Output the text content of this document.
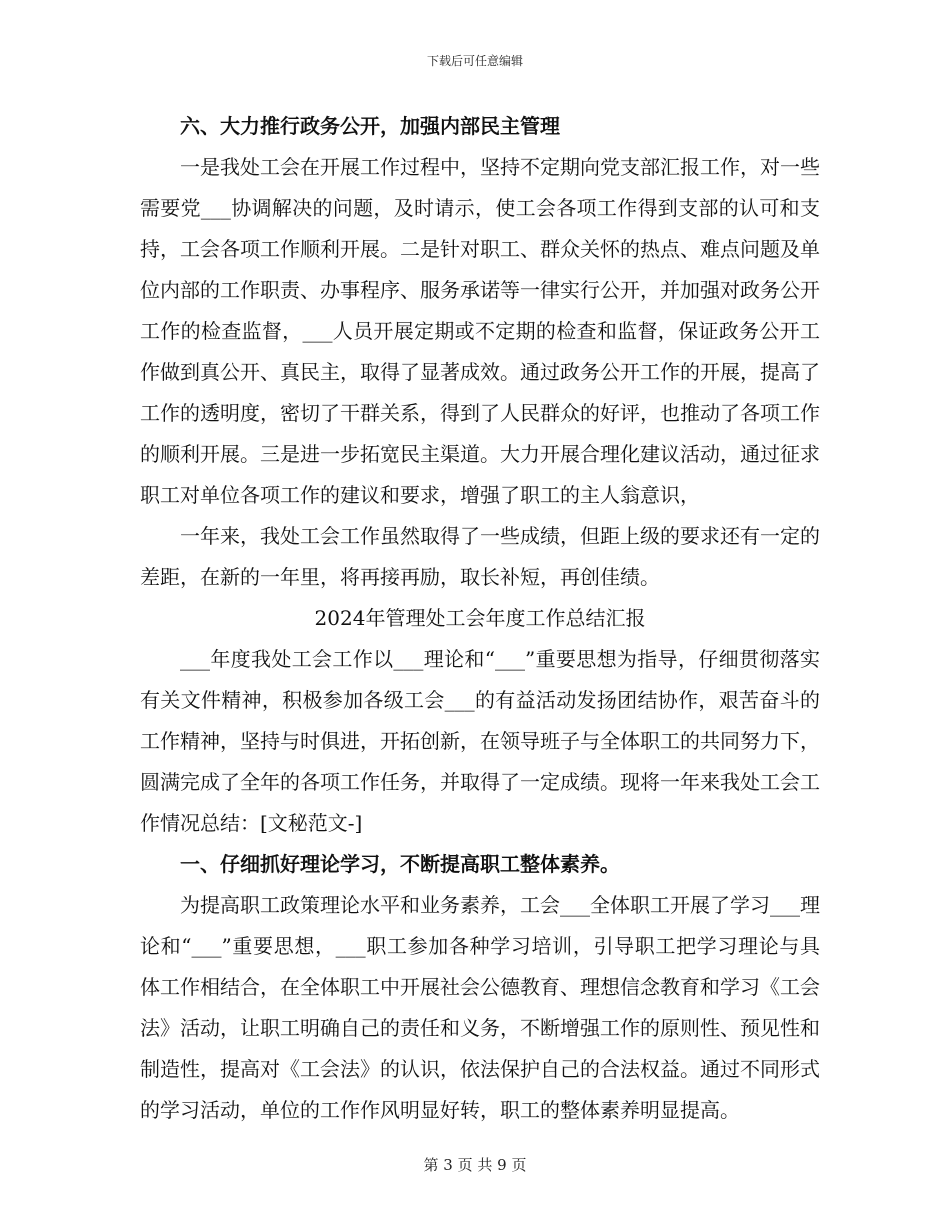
下载后可任意编辑

六、大力推行政务公开，加强内部民主管理

一是我处工会在开展工作过程中，坚持不定期向党支部汇报工作，对一些需要党___协调解决的问题，及时请示，使工会各项工作得到支部的认可和支持，工会各项工作顺利开展。二是针对职工、群众关怀的热点、难点问题及单位内部的工作职责、办事程序、服务承诺等一律实行公开，并加强对政务公开工作的检查监督，___人员开展定期或不定期的检查和监督，保证政务公开工作做到真公开、真民主，取得了显著成效。通过政务公开工作的开展，提高了工作的透明度，密切了干群关系，得到了人民群众的好评，也推动了各项工作的顺利开展。三是进一步拓宽民主渠道。大力开展合理化建议活动，通过征求职工对单位各项工作的建议和要求，增强了职工的主人翁意识，

一年来，我处工会工作虽然取得了一些成绩，但距上级的要求还有一定的差距，在新的一年里，将再接再励，取长补短，再创佳绩。

2024年管理处工会年度工作总结汇报

___年度我处工会工作以___理论和“___”重要思想为指导，仔细贯彻落实有关文件精神，积极参加各级工会___的有益活动发扬团结协作，艰苦奋斗的工作精神，坚持与时俱进，开拓创新，在领导班子与全体职工的共同努力下，圆满完成了全年的各项工作任务，并取得了一定成绩。现将一年来我处工会工作情况总结：[文秘范文-]

一、仔细抓好理论学习，不断提高职工整体素养。

为提高职工政策理论水平和业务素养，工会___全体职工开展了学习___理论和“___”重要思想，___职工参加各种学习培训，引导职工把学习理论与具体工作相结合，在全体职工中开展社会公德教育、理想信念教育和学习《工会法》活动，让职工明确自己的责任和义务，不断增强工作的原则性、预见性和制造性，提高对《工会法》的认识，依法保护自己的合法权益。通过不同形式的学习活动，单位的工作作风明显好转，职工的整体素养明显提高。

第 3 页 共 9 页
